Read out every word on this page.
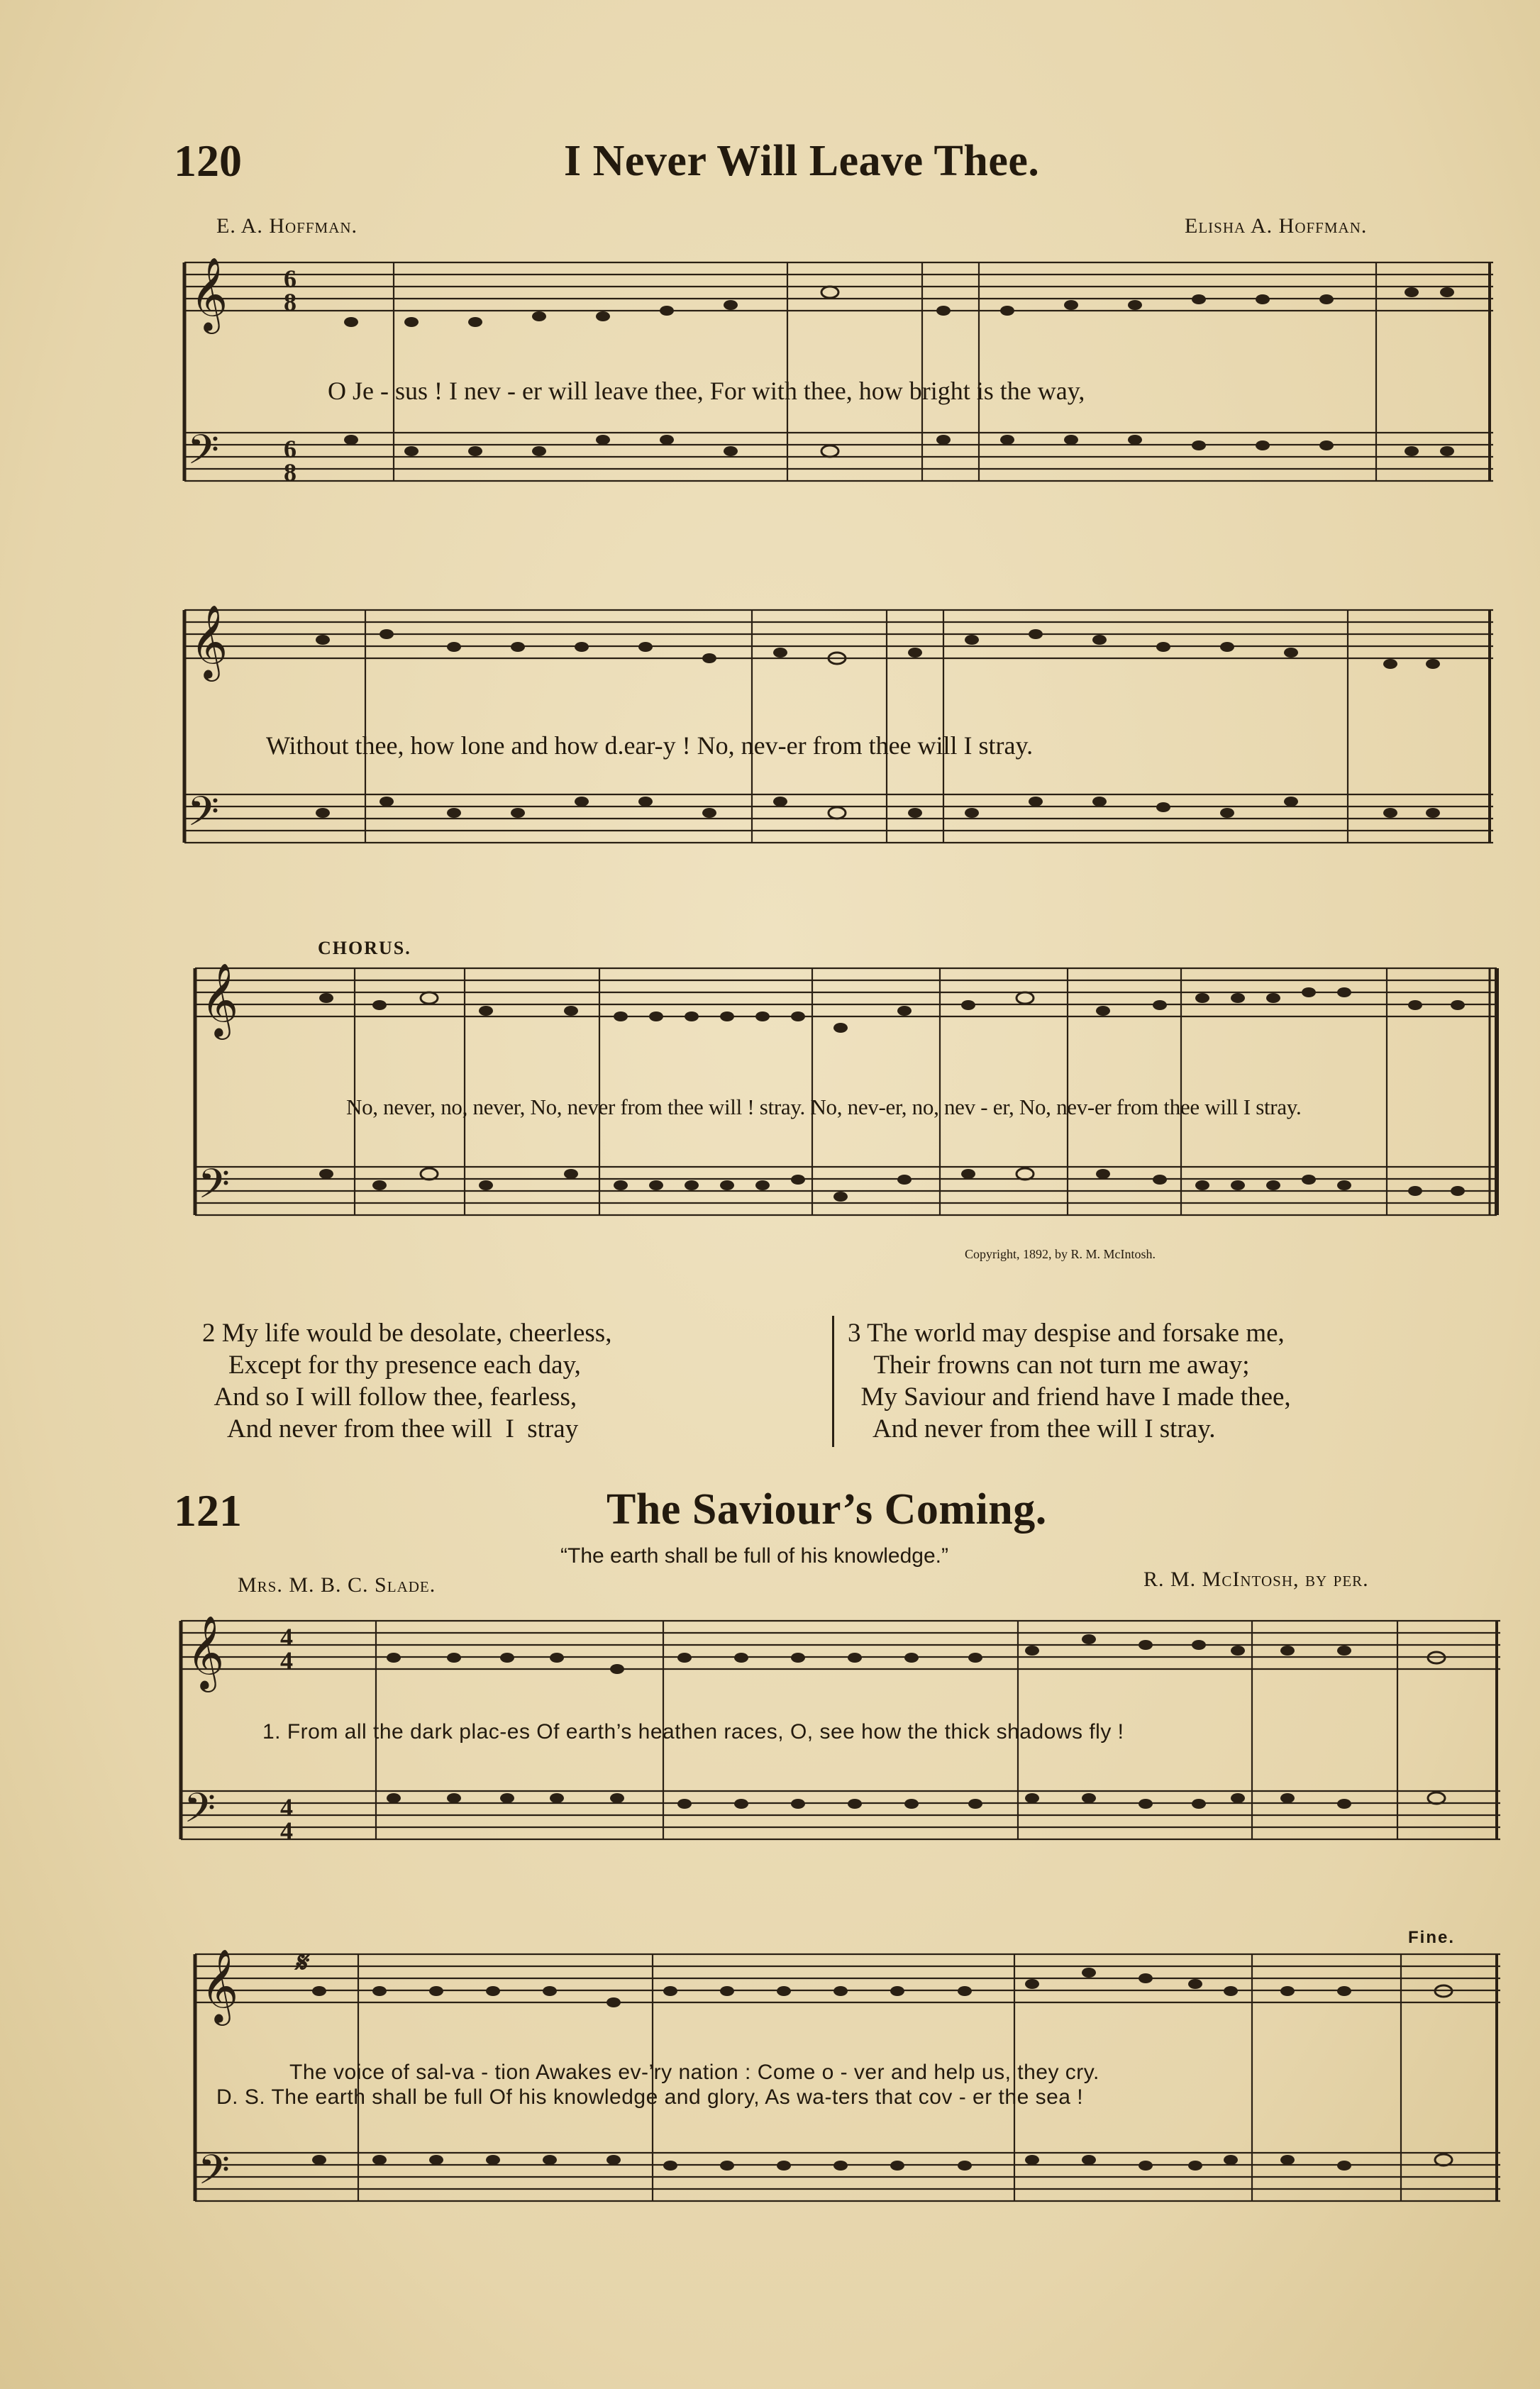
120	I Never Will Leave Thee.
E. A. Hoffman.	Elisha A. Hoffman.
𝄞
𝄢
6
8
6
8
O Je - sus ! I nev - er will leave thee, For with thee, how bright is the way,
𝄞
𝄢
Without thee, how lone and how d.ear-y ! No, nev-er from thee will I stray.
CHORUS.
𝄞
𝄢
No, never, no, never, No, never from thee will ! stray. No, nev-er, no, nev - er, No, nev-er from thee will I stray.
Copyright, 1892, by R. M. McIntosh.
2 My life would be desolate, cheerless,
Except for thy presence each day,
And so I will follow thee, fearless,
And never from thee will  I  stray
3 The world may despise and forsake me,
Their frowns can not turn me away;
My Saviour and friend have I made thee,
And never from thee will I stray.
121	The Saviour’s Coming.
“The earth shall be full of his knowledge.”
Mrs. M. B. C. Slade.	R. M. McIntosh, by per.
𝄞
𝄢
4
4
4
4
1. From all the dark plac-es Of earth’s heathen races, O, see how the thick shadows fly !
Fine.
𝄞
𝄢
𝄋
The voice of sal-va - tion Awakes ev-’ry nation : Come o - ver and help us, they cry.
D. S. The earth shall be full Of his knowledge and glory, As wa-ters that cov - er the sea !
